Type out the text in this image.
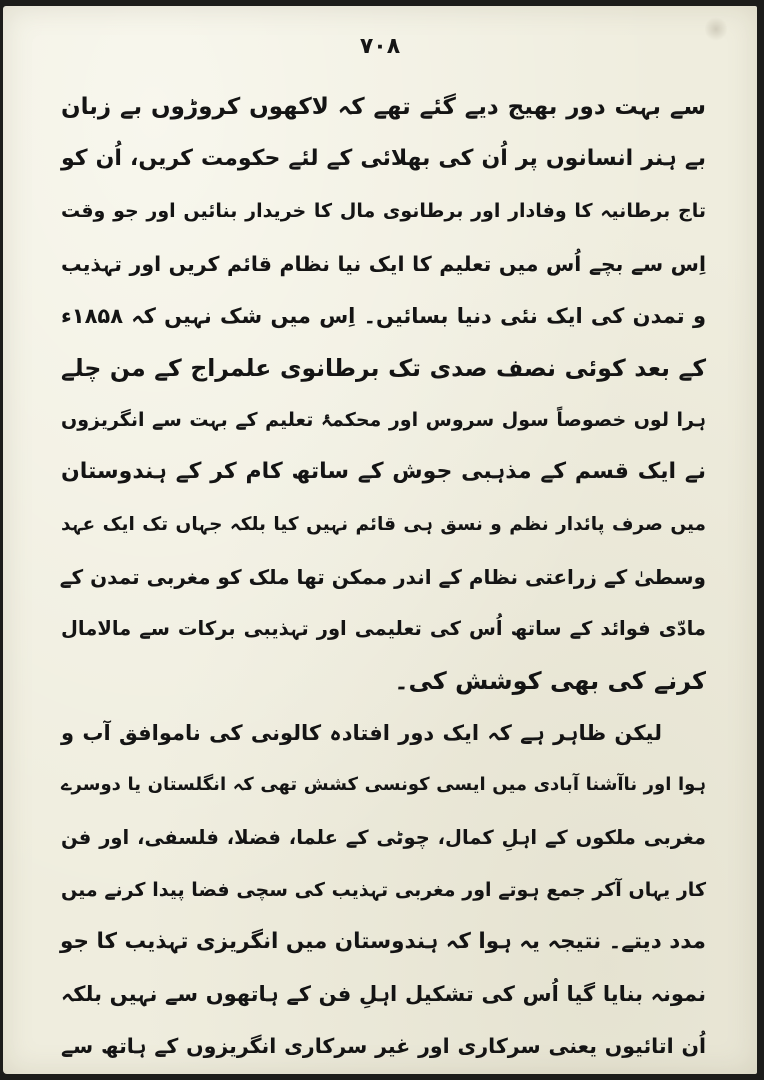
۷۰۸
سے بہت دور بھیج دیے گئے تھے کہ لاکھوں کروڑوں بے زبان
بے ہنر انسانوں پر اُن کی بھلائی کے لئے حکومت کریں، اُن کو
تاج برطانیہ کا وفادار اور برطانوی مال کا خریدار بنائیں اور جو وقت
اِس سے بچے اُس میں تعلیم کا ایک نیا نظام قائم کریں اور تہذیب
و تمدن کی ایک نئی دنیا بسائیں۔ اِس میں شک نہیں کہ ۱۸۵۸ء
کے بعد کوئی نصف صدی تک برطانوی علمراج کے من چلے
ہرا لوں خصوصاً سول سروس اور محکمۂ تعلیم کے بہت سے انگریزوں
نے ایک قسم کے مذہبی جوش کے ساتھ کام کر کے ہندوستان
میں صرف پائدار نظم و نسق ہی قائم نہیں کیا بلکہ جہاں تک ایک عہد
وسطیٰ کے زراعتی نظام کے اندر ممکن تھا ملک کو مغربی تمدن کے
مادّی فوائد کے ساتھ اُس کی تعلیمی اور تہذیبی برکات سے مالامال
کرنے کی بھی کوشش کی۔
لیکن ظاہر ہے کہ ایک دور افتادہ کالونی کی ناموافق آب و
ہوا اور ناآشنا آبادی میں ایسی کونسی کشش تھی کہ انگلستان یا دوسرے
مغربی ملکوں کے اہلِ کمال، چوٹی کے علما، فضلا، فلسفی، اور فن
کار یہاں آکر جمع ہوتے اور مغربی تہذیب کی سچی فضا پیدا کرنے میں
مدد دیتے۔ نتیجہ یہ ہوا کہ ہندوستان میں انگریزی تہذیب کا جو
نمونہ بنایا گیا اُس کی تشکیل اہلِ فن کے ہاتھوں سے نہیں بلکہ
اُن اتائیوں یعنی سرکاری اور غیر سرکاری انگریزوں کے ہاتھ سے
